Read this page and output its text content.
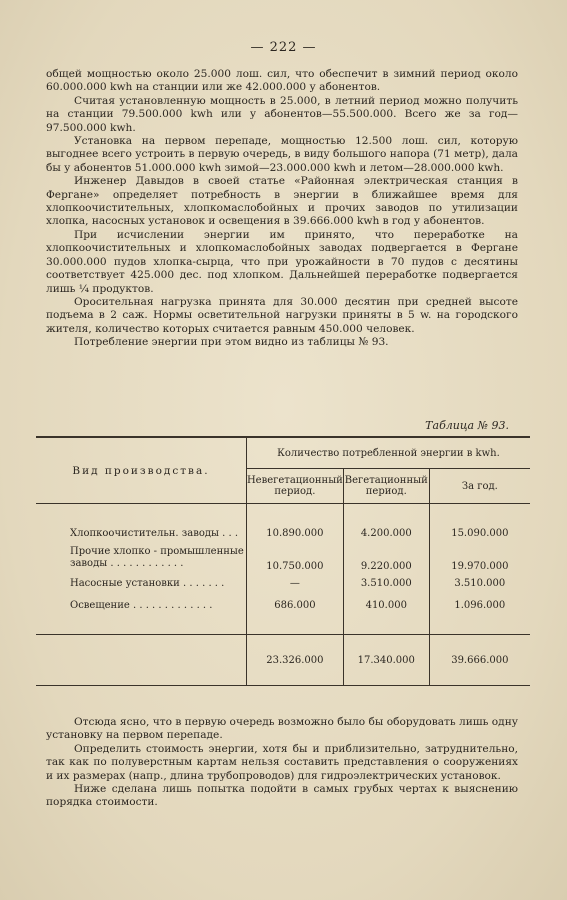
— 222 —

общей мощностью около 25.000 лош. сил, что обеспечит в зимний период около 60.000.000 kwh на станции или же 42.000.000 у абонентов.

Считая установленную мощность в 25.000, в летний период можно получить на станции 79.500.000 kwh или у абонентов—55.500.000. Всего же за год—97.500.000 kwh.

Установка на первом перепаде, мощностью 12.500 лош. сил, которую выгоднее всего устроить в первую очередь, в виду большого напора (71 метр), дала бы у абонентов 51.000.000 kwh зимой—23.000.000 kwh и летом—28.000.000 kwh.

Инженер Давыдов в своей статье «Районная электрическая станция в Фергане» определяет потребность в энергии в ближайшее время для хлопкоочистительных, хлопкомаслобойных и прочих заводов по утилизации хлопка, насосных установок и освещения в 39.666.000 kwh в год у абонентов.

При исчислении энергии им принято, что переработке на хлопкоочистительных и хлопкомаслобойных заводах подвергается в Фергане 30.000.000 пудов хлопка-сырца, что при урожайности в 70 пудов с десятины соответствует 425.000 дес. под хлопком. Дальнейшей переработке подвергается лишь ¼ продуктов.

Оросительная нагрузка принята для 30.000 десятин при средней высоте подъема в 2 саж. Нормы осветительной нагрузки приняты в 5 w. на городского жителя, количество которых считается равным 450.000 человек.

Потребление энергии при этом видно из таблицы № 93.

Таблица № 93.
Вид производства.	Количество потребленной энергии в kwh.		
	Невегетационный период.	Вегетационный период.	За год.

Хлопкоочистительн. заводы . . .	10.890.000	4.200.000	15.090.000
Прочие хлопко - промышленные заводы . . . . . . . . . . . .	10.750.000	9.220.000	19.970.000
Насосные установки . . . . . . .	—	3.510.000	3.510.000
Освещение . . . . . . . . . . . . .	686.000	410.000	1.096.000

	23.326.000	17.340.000	39.666.000

Отсюда ясно, что в первую очередь возможно было бы оборудовать лишь одну установку на первом перепаде.

Определить стоимость энергии, хотя бы и приблизительно, затруднительно, так как по полуверстным картам нельзя составить представления о сооружениях и их размерах (напр., длина трубопроводов) для гидроэлектрических установок.

Ниже сделана лишь попытка подойти в самых грубых чертах к выяснению порядка стоимости.
